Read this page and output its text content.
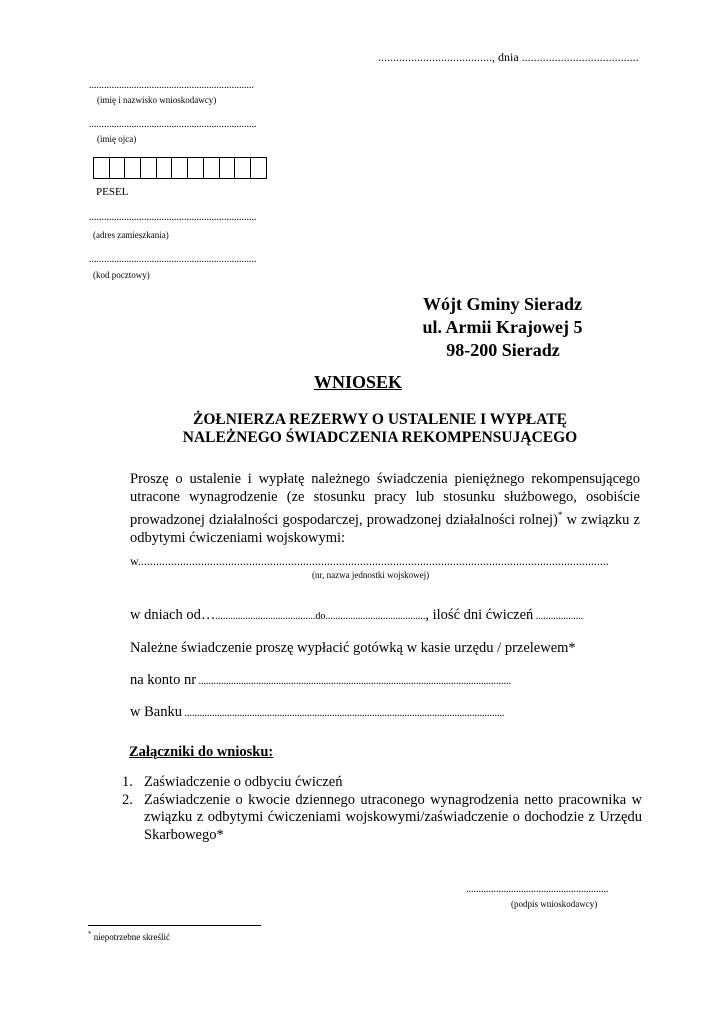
......................................, dnia .......................................
..................................................................
(imię i nazwisko wnioskodawcy)
...................................................................
(imię ojca)
PESEL
...................................................................
(adres zamieszkania)
...................................................................
(kod pocztowy)
Wójt Gminy Sieradz
ul. Armii Krajowej 5
98-200 Sieradz
WNIOSEK
ŻOŁNIERZA REZERWY O USTALENIE I WYPŁATĘ
NALEŻNEGO ŚWIADCZENIA REKOMPENSUJĄCEGO
Proszę o ustalenie i wypłatę należnego świadczenia pieniężnego rekompensującego utracone wynagrodzenie (ze stosunku pracy lub stosunku służbowego, osobiście prowadzonej działalności gospodarczej, prowadzonej działalności rolnej)* w związku z odbytymi ćwiczeniami wojskowymi:
w.............................................................................................................................................................
(nr, nazwa jednostki wojskowej)
w dniach od…........................................do........................................, ilość dni ćwiczeń ...................
Należne świadczenie proszę wypłacić gotówką w kasie urzędu / przelewem*
na konto nr .............................................................................................................................
w Banku ................................................................................................................................
Załączniki do wniosku:
1. Zaświadczenie o odbyciu ćwiczeń
2. Zaświadczenie o kwocie dziennego utraconego wynagrodzenia netto pracownika w związku z odbytymi ćwiczeniami wojskowymi/zaświadczenie o dochodzie z Urzędu Skarbowego*
.........................................................
(podpis wnioskodawcy)
* niepotrzebne skreślić
